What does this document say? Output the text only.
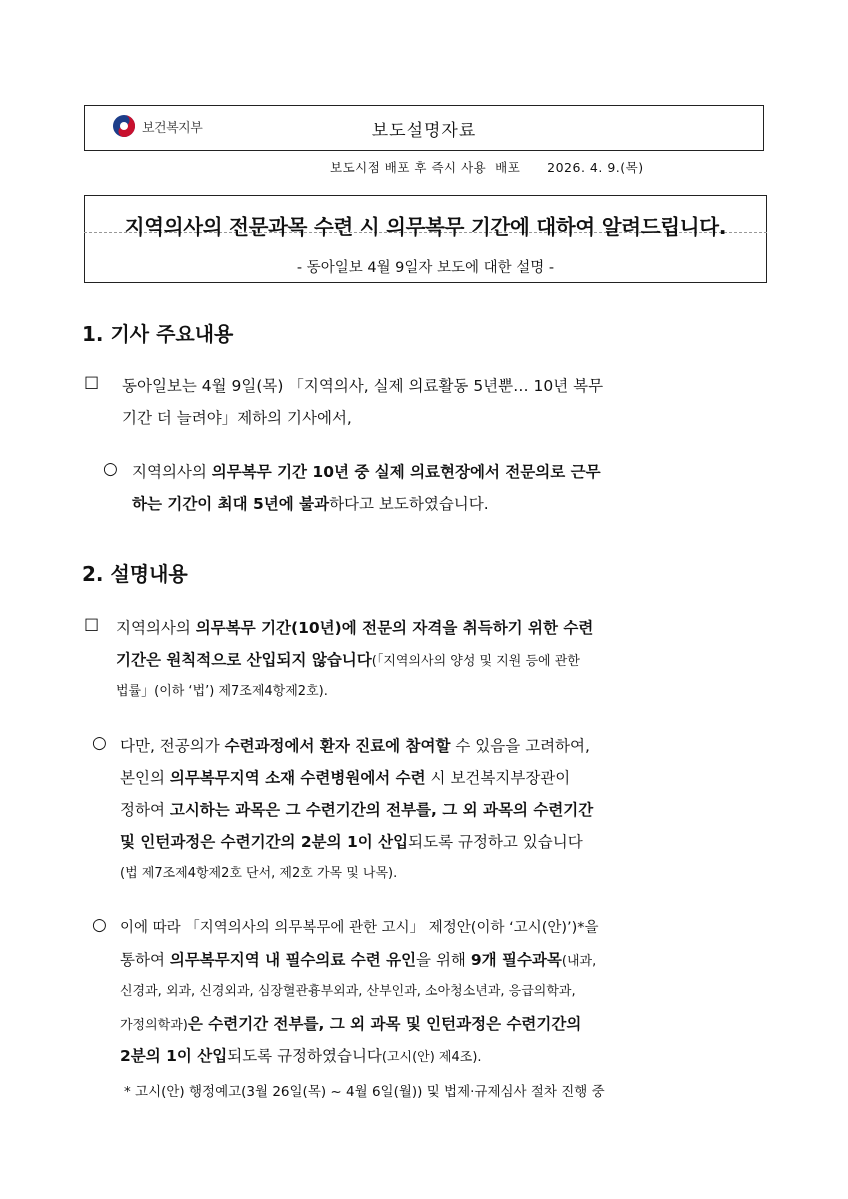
보건복지부	보도설명자료
보도시점 배포 후 즉시 사용  배포      2026. 4. 9.(목)
지역의사의 전문과목 수련 시 의무복무 기간에 대하여 알려드립니다.
- 동아일보 4월 9일자 보도에 대한 설명 -
1. 기사 주요내용
☐ 동아일보는 4월 9일(목) 「지역의사, 실제 의료활동 5년뿐… 10년 복무
기간 더 늘려야」제하의 기사에서,
○ 지역의사의 의무복무 기간 10년 중 실제 의료현장에서 전문의로 근무
하는 기간이 최대 5년에 불과하다고 보도하였습니다.
2. 설명내용
☐ 지역의사의 의무복무 기간(10년)에 전문의 자격을 취득하기 위한 수련
기간은 원칙적으로 산입되지 않습니다(「지역의사의 양성 및 지원 등에 관한
법률」(이하 ‘법’) 제7조제4항제2호).
○ 다만, 전공의가 수련과정에서 환자 진료에 참여할 수 있음을 고려하여,
본인의 의무복무지역 소재 수련병원에서 수련 시 보건복지부장관이
정하여 고시하는 과목은 그 수련기간의 전부를, 그 외 과목의 수련기간
및 인턴과정은 수련기간의 2분의 1이 산입되도록 규정하고 있습니다
(법 제7조제4항제2호 단서, 제2호 가목 및 나목).
○ 이에 따라 「지역의사의 의무복무에 관한 고시」 제정안(이하 ‘고시(안)’)*을
통하여 의무복무지역 내 필수의료 수련 유인을 위해 9개 필수과목(내과,
신경과, 외과, 신경외과, 심장혈관흉부외과, 산부인과, 소아청소년과, 응급의학과,
가정의학과)은 수련기간 전부를, 그 외 과목 및 인턴과정은 수련기간의
2분의 1이 산입되도록 규정하였습니다(고시(안) 제4조).
* 고시(안) 행정예고(3월 26일(목) ~ 4월 6일(월)) 및 법제·규제심사 절차 진행 중
